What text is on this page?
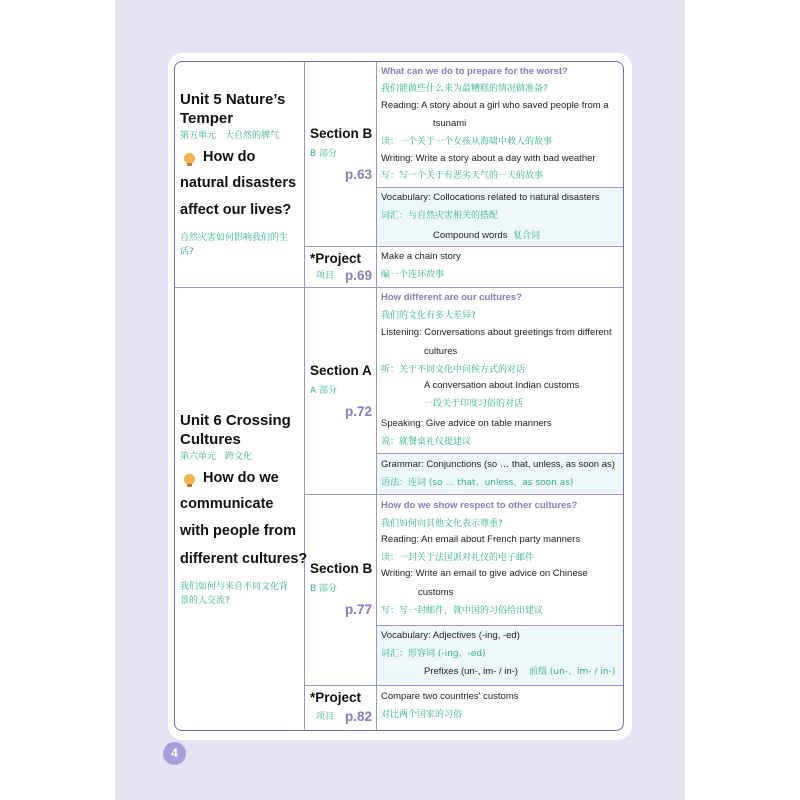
Unit 5 Nature’s
Temper
第五单元　大自然的脾气
How do
natural disasters
affect our lives?
自然灾害如何影响我们的生
活?
Section B
B 部分
p.63
What can we do to prepare for the worst?
我们能做些什么来为最糟糕的情况做准备?
Reading: A story about a girl who saved people from a
tsunami
读：一个关于一个女孩从海啸中救人的故事
Writing: Write a story about a day with bad weather
写：写一个关于有恶劣天气的一天的故事
Vocabulary: Collocations related to natural disasters
词汇：与自然灾害相关的搭配
Compound words 复合词
*Project
项目 p.69
Make a chain story
编一个连环故事
Unit 6 Crossing
Cultures
第六单元　跨文化
How do we
communicate
with people from
different cultures?
我们如何与来自不同文化背
景的人交流?
Section A
A 部分
p.72
How different are our cultures?
我们的文化有多大差异?
Listening: Conversations about greetings from different
cultures
听：关于不同文化中问候方式的对话
A conversation about Indian customs
一段关于印度习俗的对话
Speaking: Give advice on table manners
说：就餐桌礼仪提建议
Grammar: Conjunctions (so … that, unless, as soon as)
语法：连词 (so … that、unless、as soon as)
Section B
B 部分
p.77
How do we show respect to other cultures?
我们如何向其他文化表示尊重?
Reading: An email about French party manners
读：一封关于法国派对礼仪的电子邮件
Writing: Write an email to give advice on Chinese
customs
写：写一封邮件，就中国的习俗给出建议
Vocabulary: Adjectives (-ing, -ed)
词汇：形容词 (-ing、-ed)
Prefixes (un-, im- / in-) 前缀 (un-、im- / in-)
*Project
项目 p.82
Compare two countries' customs
对比两个国家的习俗
4
